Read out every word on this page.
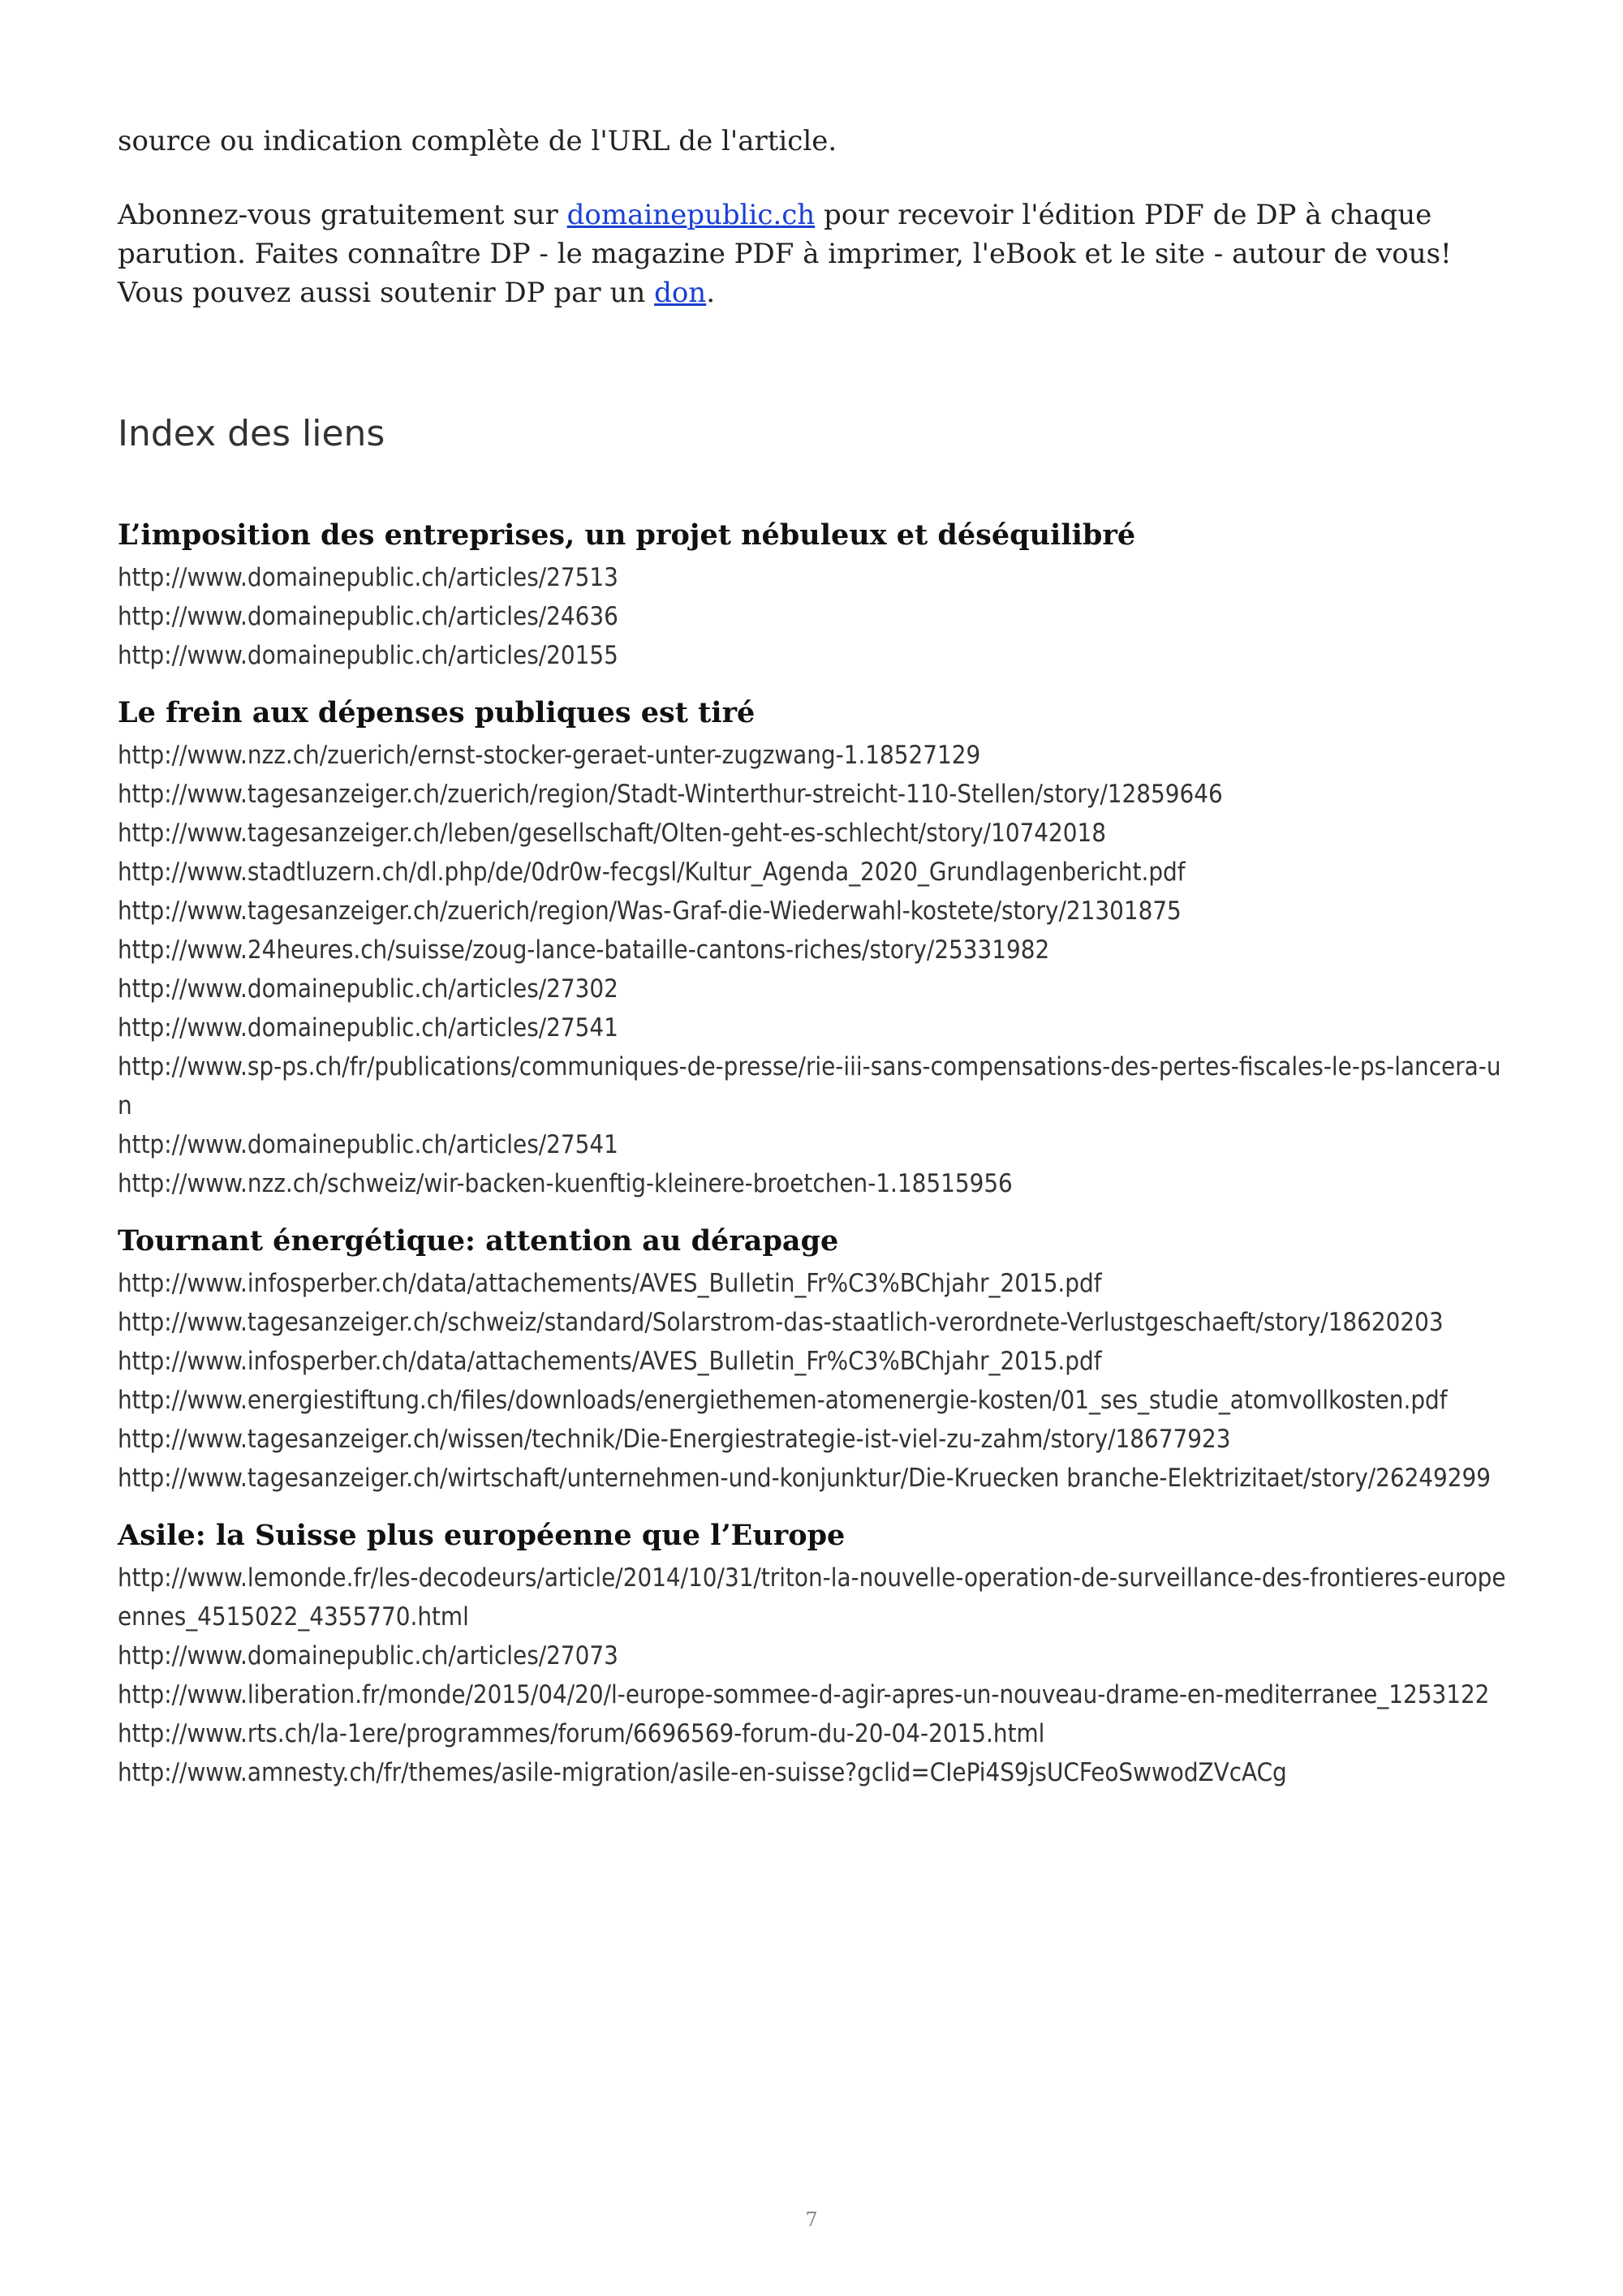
source ou indication complète de l'URL de l'article.

Abonnez-vous gratuitement sur domainepublic.ch pour recevoir l'édition PDF de DP à chaque parution. Faites connaître DP - le magazine PDF à imprimer, l'eBook et le site - autour de vous! Vous pouvez aussi soutenir DP par un don.

Index des liens
L’imposition des entreprises, un projet nébuleux et déséquilibré
http://www.domainepublic.ch/articles/27513
http://www.domainepublic.ch/articles/24636
http://www.domainepublic.ch/articles/20155
Le frein aux dépenses publiques est tiré
http://www.nzz.ch/zuerich/ernst-stocker-geraet-unter-zugzwang-1.18527129
http://www.tagesanzeiger.ch/zuerich/region/Stadt-Winterthur-streicht-110-Stellen/story/12859646
http://www.tagesanzeiger.ch/leben/gesellschaft/Olten-geht-es-schlecht/story/10742018
http://www.stadtluzern.ch/dl.php/de/0dr0w-fecgsl/Kultur_Agenda_2020_Grundlagenbericht.pdf
http://www.tagesanzeiger.ch/zuerich/region/Was-Graf-die-Wiederwahl-kostete/story/21301875
http://www.24heures.ch/suisse/zoug-lance-bataille-cantons-riches/story/25331982
http://www.domainepublic.ch/articles/27302
http://www.domainepublic.ch/articles/27541
http://www.sp-ps.ch/fr/publications/communiques-de-presse/rie-iii-sans-compensations-des-pertes-fiscales-le-ps-lancera-un
http://www.domainepublic.ch/articles/27541
http://www.nzz.ch/schweiz/wir-backen-kuenftig-kleinere-broetchen-1.18515956
Tournant énergétique: attention au dérapage
http://www.infosperber.ch/data/attachements/AVES_Bulletin_Fr%C3%BChjahr_2015.pdf
http://www.tagesanzeiger.ch/schweiz/standard/Solarstrom-das-staatlich-verordnete-Verlustgeschaeft/story/18620203
http://www.infosperber.ch/data/attachements/AVES_Bulletin_Fr%C3%BChjahr_2015.pdf
http://www.energiestiftung.ch/files/downloads/energiethemen-atomenergie-kosten/01_ses_studie_atomvollkosten.pdf
http://www.tagesanzeiger.ch/wissen/technik/Die-Energiestrategie-ist-viel-zu-zahm/story/18677923
http://www.tagesanzeiger.ch/wirtschaft/unternehmen-und-konjunktur/Die-Kruecken branche-Elektrizitaet/story/26249299
Asile: la Suisse plus européenne que l’Europe
http://www.lemonde.fr/les-decodeurs/article/2014/10/31/triton-la-nouvelle-operation-de-surveillance-des-frontieres-europeennes_4515022_4355770.html
http://www.domainepublic.ch/articles/27073
http://www.liberation.fr/monde/2015/04/20/l-europe-sommee-d-agir-apres-un-nouveau-drame-en-mediterranee_1253122
http://www.rts.ch/la-1ere/programmes/forum/6696569-forum-du-20-04-2015.html
http://www.amnesty.ch/fr/themes/asile-migration/asile-en-suisse?gclid=CIePi4S9jsUCFeoSwwodZVcACg
7
